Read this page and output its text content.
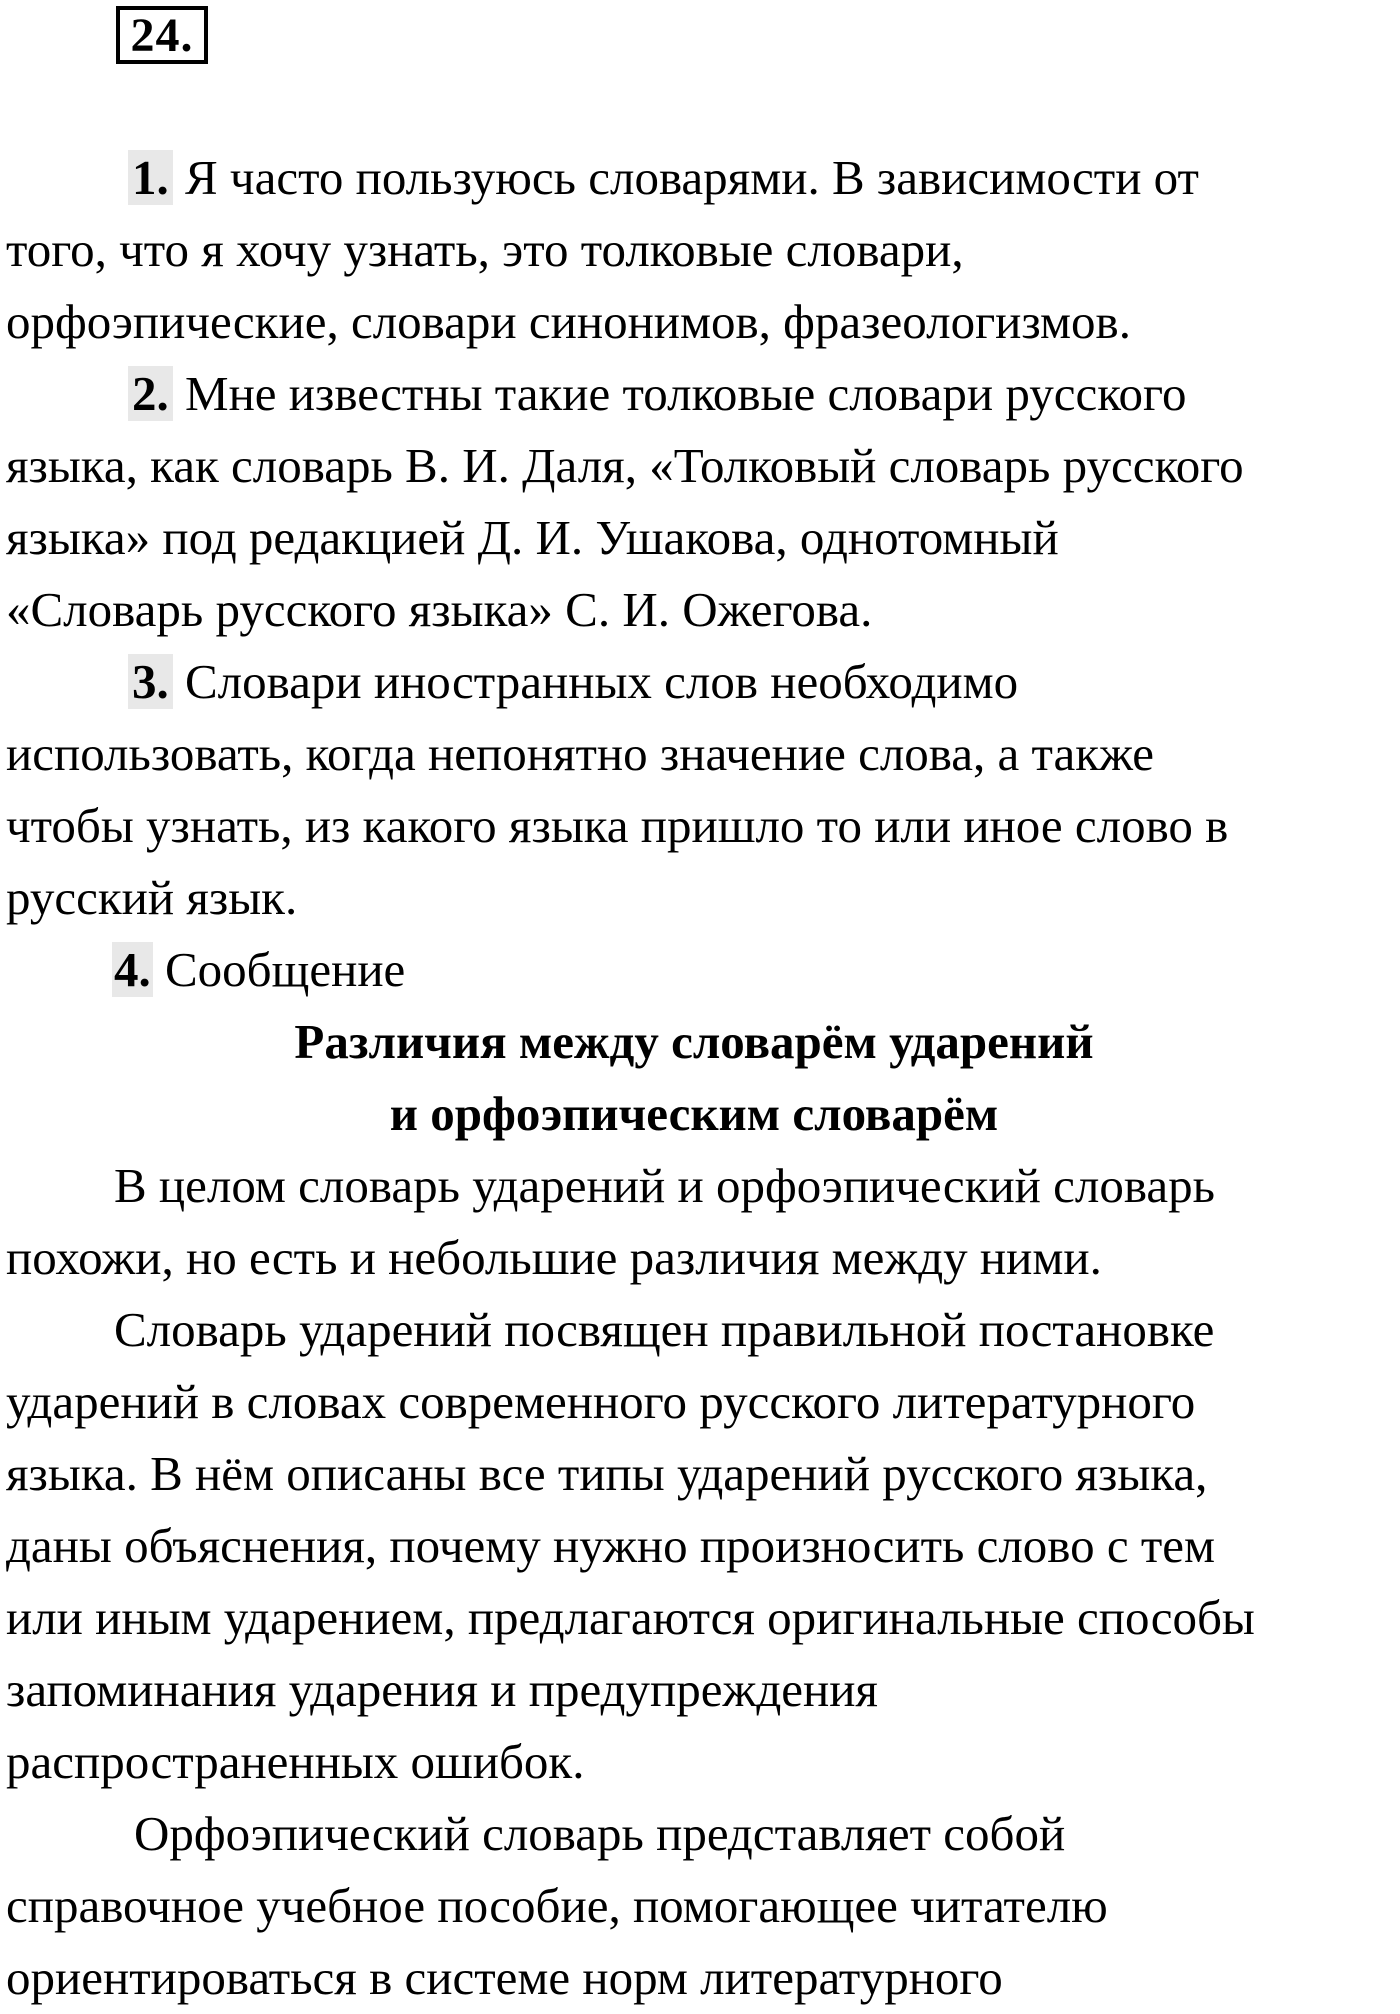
24.

1. Я часто пользуюсь словарями. В зависимости от

того, что я хочу узнать, это толковые словари,

орфоэпические, словари синонимов, фразеологизмов.

2. Мне известны такие толковые словари русского

языка, как словарь В. И. Даля, «Толковый словарь русского

языка» под редакцией Д. И. Ушакова, однотомный

«Словарь русского языка» С. И. Ожегова.

3. Словари иностранных слов необходимо

использовать, когда непонятно значение слова, а также

чтобы узнать, из какого языка пришло то или иное слово в

русский язык.

4. Сообщение

Различия между словарём ударений

и орфоэпическим словарём

В целом словарь ударений и орфоэпический словарь

похожи, но есть и небольшие различия между ними.

Словарь ударений посвящен правильной постановке

ударений в словах современного русского литературного

языка. В нём описаны все типы ударений русского языка,

даны объяснения, почему нужно произносить слово с тем

или иным ударением, предлагаются оригинальные способы

запоминания ударения и предупреждения

распространенных ошибок.

Орфоэпический словарь представляет собой

справочное учебное пособие, помогающее читателю

ориентироваться в системе норм литературного
